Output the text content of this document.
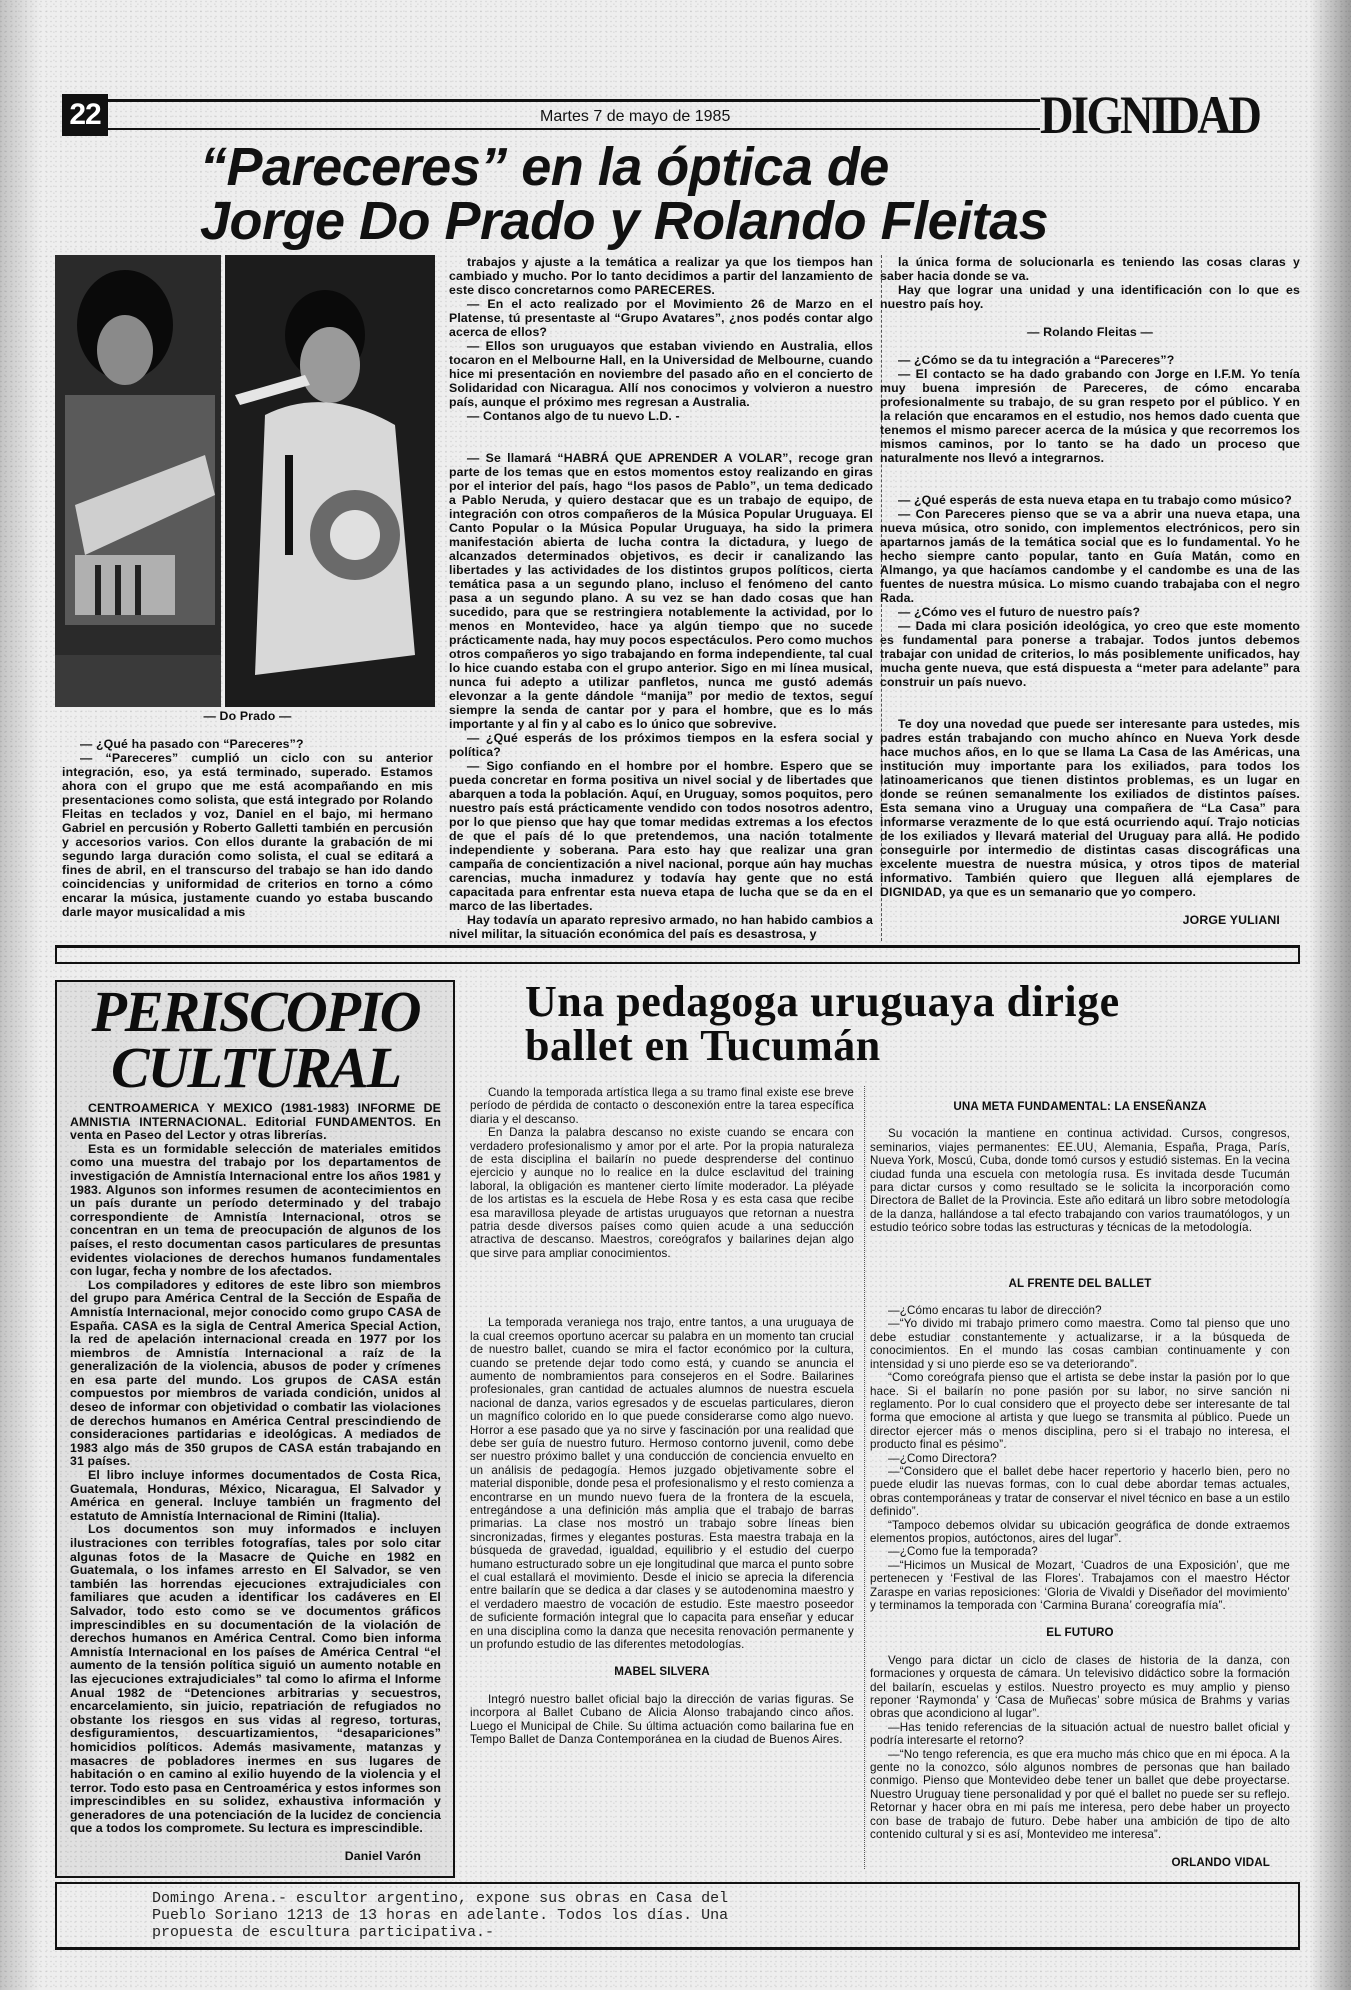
22	Martes 7 de mayo de 1985	DIGNIDAD
“Pareceres” en la óptica de
Jorge Do Prado y Rolando Fleitas

— Do Prado —

— ¿Qué ha pasado con “Pareceres”?

— “Pareceres” cumplió un ciclo con su anterior integración, eso, ya está terminado, superado. Estamos ahora con el grupo que me está acompañando en mis presentaciones como solista, que está integrado por Rolando Fleitas en teclados y voz, Daniel en el bajo, mi hermano Gabriel en percusión y Roberto Galletti también en percusión y accesorios varios. Con ellos durante la grabación de mi segundo larga duración como solista, el cual se editará a fines de abril, en el transcurso del trabajo se han ido dando coincidencias y uniformidad de criterios en torno a cómo encarar la música, justamente cuando yo estaba buscando darle mayor musicalidad a mis

trabajos y ajuste a la temática a realizar ya que los tiempos han cambiado y mucho. Por lo tanto decidimos a partir del lanzamiento de este disco concretarnos como PARECERES.

— En el acto realizado por el Movimiento 26 de Marzo en el Platense, tú presentaste al “Grupo Avatares”, ¿nos podés contar algo acerca de ellos?

— Ellos son uruguayos que estaban viviendo en Australia, ellos tocaron en el Melbourne Hall, en la Universidad de Melbourne, cuando hice mi presentación en noviembre del pasado año en el concierto de Solidaridad con Nicaragua. Allí nos conocimos y volvieron a nuestro país, aunque el próximo mes regresan a Australia.

— Contanos algo de tu nuevo L.D. -

— Se llamará “HABRÁ QUE APRENDER A VOLAR”, recoge gran parte de los temas que en estos momentos estoy realizando en giras por el interior del país, hago “los pasos de Pablo”, un tema dedicado a Pablo Neruda, y quiero destacar que es un trabajo de equipo, de integración con otros compañeros de la Música Popular Uruguaya. El Canto Popular o la Música Popular Uruguaya, ha sido la primera manifestación abierta de lucha contra la dictadura, y luego de alcanzados determinados objetivos, es decir ir canalizando las libertades y las actividades de los distintos grupos políticos, cierta temática pasa a un segundo plano, incluso el fenómeno del canto pasa a un segundo plano. A su vez se han dado cosas que han sucedido, para que se restringiera notablemente la actividad, por lo menos en Montevideo, hace ya algún tiempo que no sucede prácticamente nada, hay muy pocos espectáculos. Pero como muchos otros compañeros yo sigo trabajando en forma independiente, tal cual lo hice cuando estaba con el grupo anterior. Sigo en mi línea musical, nunca fui adepto a utilizar panfletos, nunca me gustó además elevonzar a la gente dándole “manija” por medio de textos, seguí siempre la senda de cantar por y para el hombre, que es lo más importante y al fin y al cabo es lo único que sobrevive.

— ¿Qué esperás de los próximos tiempos en la esfera social y política?

— Sigo confiando en el hombre por el hombre. Espero que se pueda concretar en forma positiva un nivel social y de libertades que abarquen a toda la población. Aquí, en Uruguay, somos poquitos, pero nuestro país está prácticamente vendido con todos nosotros adentro, por lo que pienso que hay que tomar medidas extremas a los efectos de que el país dé lo que pretendemos, una nación totalmente independiente y soberana. Para esto hay que realizar una gran campaña de concientización a nivel nacional, porque aún hay muchas carencias, mucha inmadurez y todavía hay gente que no está capacitada para enfrentar esta nueva etapa de lucha que se da en el marco de las libertades.

Hay todavía un aparato represivo armado, no han habido cambios a nivel militar, la situación económica del país es desastrosa, y

la única forma de solucionarla es teniendo las cosas claras y saber hacia donde se va.

Hay que lograr una unidad y una identificación con lo que es nuestro país hoy.

— Rolando Fleitas —

— ¿Cómo se da tu integración a “Pareceres”?

— El contacto se ha dado grabando con Jorge en I.F.M. Yo tenía muy buena impresión de Pareceres, de cómo encaraba profesionalmente su trabajo, de su gran respeto por el público. Y en la relación que encaramos en el estudio, nos hemos dado cuenta que tenemos el mismo parecer acerca de la música y que recorremos los mismos caminos, por lo tanto se ha dado un proceso que naturalmente nos llevó a integrarnos.

— ¿Qué esperás de esta nueva etapa en tu trabajo como músico?

— Con Pareceres pienso que se va a abrir una nueva etapa, una nueva música, otro sonido, con implementos electrónicos, pero sin apartarnos jamás de la temática social que es lo fundamental. Yo he hecho siempre canto popular, tanto en Guía Matán, como en Almango, ya que hacíamos candombe y el candombe es una de las fuentes de nuestra música. Lo mismo cuando trabajaba con el negro Rada.

— ¿Cómo ves el futuro de nuestro país?

— Dada mi clara posición ideológica, yo creo que este momento es fundamental para ponerse a trabajar. Todos juntos debemos trabajar con unidad de criterios, lo más posiblemente unificados, hay mucha gente nueva, que está dispuesta a “meter para adelante” para construir un país nuevo.

Te doy una novedad que puede ser interesante para ustedes, mis padres están trabajando con mucho ahínco en Nueva York desde hace muchos años, en lo que se llama La Casa de las Américas, una institución muy importante para los exiliados, para todos los latinoamericanos que tienen distintos problemas, es un lugar en donde se reúnen semanalmente los exiliados de distintos países. Esta semana vino a Uruguay una compañera de “La Casa” para informarse verazmente de lo que está ocurriendo aquí. Trajo noticias de los exiliados y llevará material del Uruguay para allá. He podido conseguirle por intermedio de distintas casas discográficas una excelente muestra de nuestra música, y otros tipos de material informativo. También quiero que lleguen allá ejemplares de DIGNIDAD, ya que es un semanario que yo compero.

JORGE YULIANI

PERISCOPIO
CULTURAL

CENTROAMERICA Y MEXICO (1981-1983) INFORME DE AMNISTIA INTERNACIONAL. Editorial FUNDAMENTOS. En venta en Paseo del Lector y otras librerías.

Esta es un formidable selección de materiales emitidos como una muestra del trabajo por los departamentos de investigación de Amnistía Internacional entre los años 1981 y 1983. Algunos son informes resumen de acontecimientos en un país durante un período determinado y del trabajo correspondiente de Amnistía Internacional, otros se concentran en un tema de preocupación de algunos de los países, el resto documentan casos particulares de presuntas evidentes violaciones de derechos humanos fundamentales con lugar, fecha y nombre de los afectados.

Los compiladores y editores de este libro son miembros del grupo para América Central de la Sección de España de Amnistía Internacional, mejor conocido como grupo CASA de España. CASA es la sigla de Central America Special Action, la red de apelación internacional creada en 1977 por los miembros de Amnistía Internacional a raíz de la generalización de la violencia, abusos de poder y crímenes en esa parte del mundo. Los grupos de CASA están compuestos por miembros de variada condición, unidos al deseo de informar con objetividad o combatir las violaciones de derechos humanos en América Central prescindiendo de consideraciones partidarias e ideológicas. A mediados de 1983 algo más de 350 grupos de CASA están trabajando en 31 países.

El libro incluye informes documentados de Costa Rica, Guatemala, Honduras, México, Nicaragua, El Salvador y América en general. Incluye también un fragmento del estatuto de Amnistía Internacional de Rimini (Italia).

Los documentos son muy informados e incluyen ilustraciones con terribles fotografías, tales por solo citar algunas fotos de la Masacre de Quiche en 1982 en Guatemala, o los infames arresto en El Salvador, se ven también las horrendas ejecuciones extrajudiciales con familiares que acuden a identificar los cadáveres en El Salvador, todo esto como se ve documentos gráficos imprescindibles en su documentación de la violación de derechos humanos en América Central. Como bien informa Amnistía Internacional en los países de América Central “el aumento de la tensión política siguió un aumento notable en las ejecuciones extrajudiciales” tal como lo afirma el Informe Anual 1982 de “Detenciones arbitrarias y secuestros, encarcelamiento, sin juicio, repatriación de refugiados no obstante los riesgos en sus vidas al regreso, torturas, desfiguramientos, descuartizamientos, “desapariciones” homicidios políticos. Además masivamente, matanzas y masacres de pobladores inermes en sus lugares de habitación o en camino al exilio huyendo de la violencia y el terror. Todo esto pasa en Centroamérica y estos informes son imprescindibles en su solidez, exhaustiva información y generadores de una potenciación de la lucidez de conciencia que a todos los compromete. Su lectura es imprescindible.

Daniel Varón

Una pedagoga uruguaya dirige
ballet en Tucumán

Cuando la temporada artística llega a su tramo final existe ese breve período de pérdida de contacto o desconexión entre la tarea específica diaria y el descanso.

En Danza la palabra descanso no existe cuando se encara con verdadero profesionalismo y amor por el arte. Por la propia naturaleza de esta disciplina el bailarín no puede desprenderse del continuo ejercicio y aunque no lo realice en la dulce esclavitud del training laboral, la obligación es mantener cierto límite moderador. La pléyade de los artistas es la escuela de Hebe Rosa y es esta casa que recibe esa maravillosa pleyade de artistas uruguayos que retornan a nuestra patria desde diversos países como quien acude a una seducción atractiva de descanso. Maestros, coreógrafos y bailarines dejan algo que sirve para ampliar conocimientos.

La temporada veraniega nos trajo, entre tantos, a una uruguaya de la cual creemos oportuno acercar su palabra en un momento tan crucial de nuestro ballet, cuando se mira el factor económico por la cultura, cuando se pretende dejar todo como está, y cuando se anuncia el aumento de nombramientos para consejeros en el Sodre. Bailarines profesionales, gran cantidad de actuales alumnos de nuestra escuela nacional de danza, varios egresados y de escuelas particulares, dieron un magnífico colorido en lo que puede considerarse como algo nuevo. Horror a ese pasado que ya no sirve y fascinación por una realidad que debe ser guía de nuestro futuro. Hermoso contorno juvenil, como debe ser nuestro próximo ballet y una conducción de conciencia envuelto en un análisis de pedagogía. Hemos juzgado objetivamente sobre el material disponible, donde pesa el profesionalismo y el resto comienza a encontrarse en un mundo nuevo fuera de la frontera de la escuela, entregándose a una definición más amplia que el trabajo de barras primarias. La clase nos mostró un trabajo sobre líneas bien sincronizadas, firmes y elegantes posturas. Esta maestra trabaja en la búsqueda de gravedad, igualdad, equilibrio y el estudio del cuerpo humano estructurado sobre un eje longitudinal que marca el punto sobre el cual estallará el movimiento. Desde el inicio se aprecia la diferencia entre bailarín que se dedica a dar clases y se autodenomina maestro y el verdadero maestro de vocación de estudio. Este maestro poseedor de suficiente formación integral que lo capacita para enseñar y educar en una disciplina como la danza que necesita renovación permanente y un profundo estudio de las diferentes metodologías.

MABEL SILVERA

Integró nuestro ballet oficial bajo la dirección de varias figuras. Se incorpora al Ballet Cubano de Alicia Alonso trabajando cinco años. Luego el Municipal de Chile. Su última actuación como bailarina fue en Tempo Ballet de Danza Contemporánea en la ciudad de Buenos Aires.

UNA META FUNDAMENTAL: LA ENSEÑANZA

Su vocación la mantiene en continua actividad. Cursos, congresos, seminarios, viajes permanentes: EE.UU, Alemania, España, Praga, París, Nueva York, Moscú, Cuba, donde tomó cursos y estudió sistemas. En la vecina ciudad funda una escuela con metología rusa. Es invitada desde Tucumán para dictar cursos y como resultado se le solicita la incorporación como Directora de Ballet de la Provincia. Este año editará un libro sobre metodología de la danza, hallándose a tal efecto trabajando con varios traumatólogos, y un estudio teórico sobre todas las estructuras y técnicas de la metodología.

AL FRENTE DEL BALLET

—¿Cómo encaras tu labor de dirección?

—“Yo divido mi trabajo primero como maestra. Como tal pienso que uno debe estudiar constantemente y actualizarse, ir a la búsqueda de conocimientos. En el mundo las cosas cambian continuamente y con intensidad y si uno pierde eso se va deteriorando”.

“Como coreógrafa pienso que el artista se debe instar la pasión por lo que hace. Si el bailarín no pone pasión por su labor, no sirve sanción ni reglamento. Por lo cual considero que el proyecto debe ser interesante de tal forma que emocione al artista y que luego se transmita al público. Puede un director ejercer más o menos disciplina, pero si el trabajo no interesa, el producto final es pésimo”.

—¿Como Directora?

—“Considero que el ballet debe hacer repertorio y hacerlo bien, pero no puede eludir las nuevas formas, con lo cual debe abordar temas actuales, obras contemporáneas y tratar de conservar el nivel técnico en base a un estilo definido”.

“Tampoco debemos olvidar su ubicación geográfica de donde extraemos elementos propios, autóctonos, aires del lugar”.

—¿Como fue la temporada?

—“Hicimos un Musical de Mozart, ‘Cuadros de una Exposición’, que me pertenecen y ‘Festival de las Flores’. Trabajamos con el maestro Héctor Zaraspe en varias reposiciones: ‘Gloria de Vivaldi y Diseñador del movimiento’ y terminamos la temporada con ‘Carmina Burana’ coreografía mía”.

EL FUTURO

Vengo para dictar un ciclo de clases de historia de la danza, con formaciones y orquesta de cámara. Un televisivo didáctico sobre la formación del bailarín, escuelas y estilos. Nuestro proyecto es muy amplio y pienso reponer ‘Raymonda’ y ‘Casa de Muñecas’ sobre música de Brahms y varias obras que acondiciono al lugar”.

—Has tenido referencias de la situación actual de nuestro ballet oficial y podría interesarte el retorno?

—“No tengo referencia, es que era mucho más chico que en mi época. A la gente no la conozco, sólo algunos nombres de personas que han bailado conmigo. Pienso que Montevideo debe tener un ballet que debe proyectarse. Nuestro Uruguay tiene personalidad y por qué el ballet no puede ser su reflejo. Retornar y hacer obra en mi país me interesa, pero debe haber un proyecto con base de trabajo de futuro. Debe haber una ambición de tipo de alto contenido cultural y si es así, Montevideo me interesa”.

ORLANDO VIDAL

Domingo Arena.- escultor argentino, expone sus obras en Casa del
Pueblo Soriano 1213 de 13 horas en adelante. Todos los días. Una
propuesta de escultura participativa.-
